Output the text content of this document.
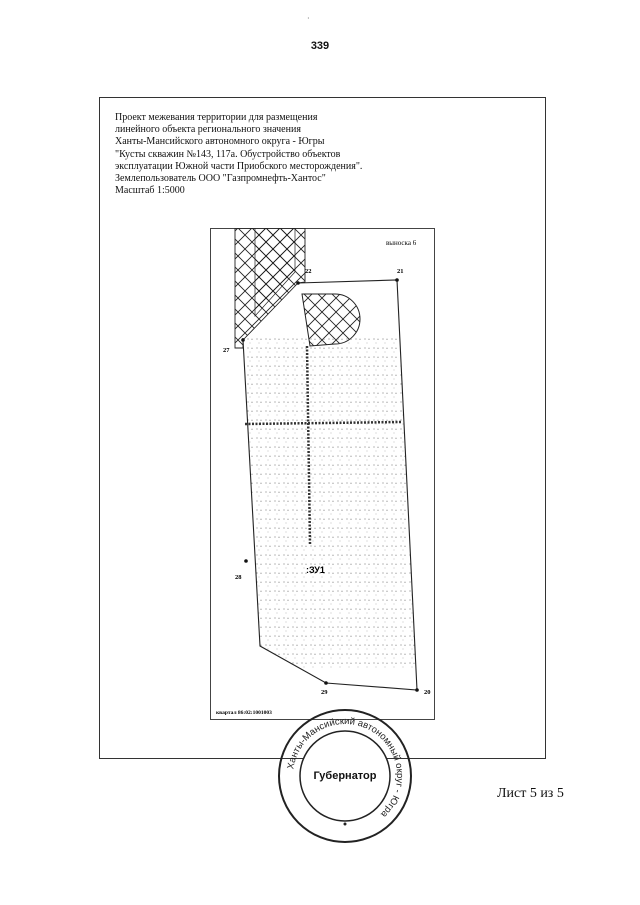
·
339
Проект межевания территории для размещения
линейного объекта регионального значения
Ханты-Мансийского автономного округа - Югры
"Кусты скважин №143, 117а. Обустройство объектов
эксплуатации Южной части Приобского месторождения".
Землепользователь ООО "Газпромнефть-Хантос"
Масштаб 1:5000
выноска 6
21
22
27
28
29	20
:ЗУ1
квартал 86:02:1001003
Ханты-Мансийский автономный округ - Югра
Губернатор
Лист 5 из 5
